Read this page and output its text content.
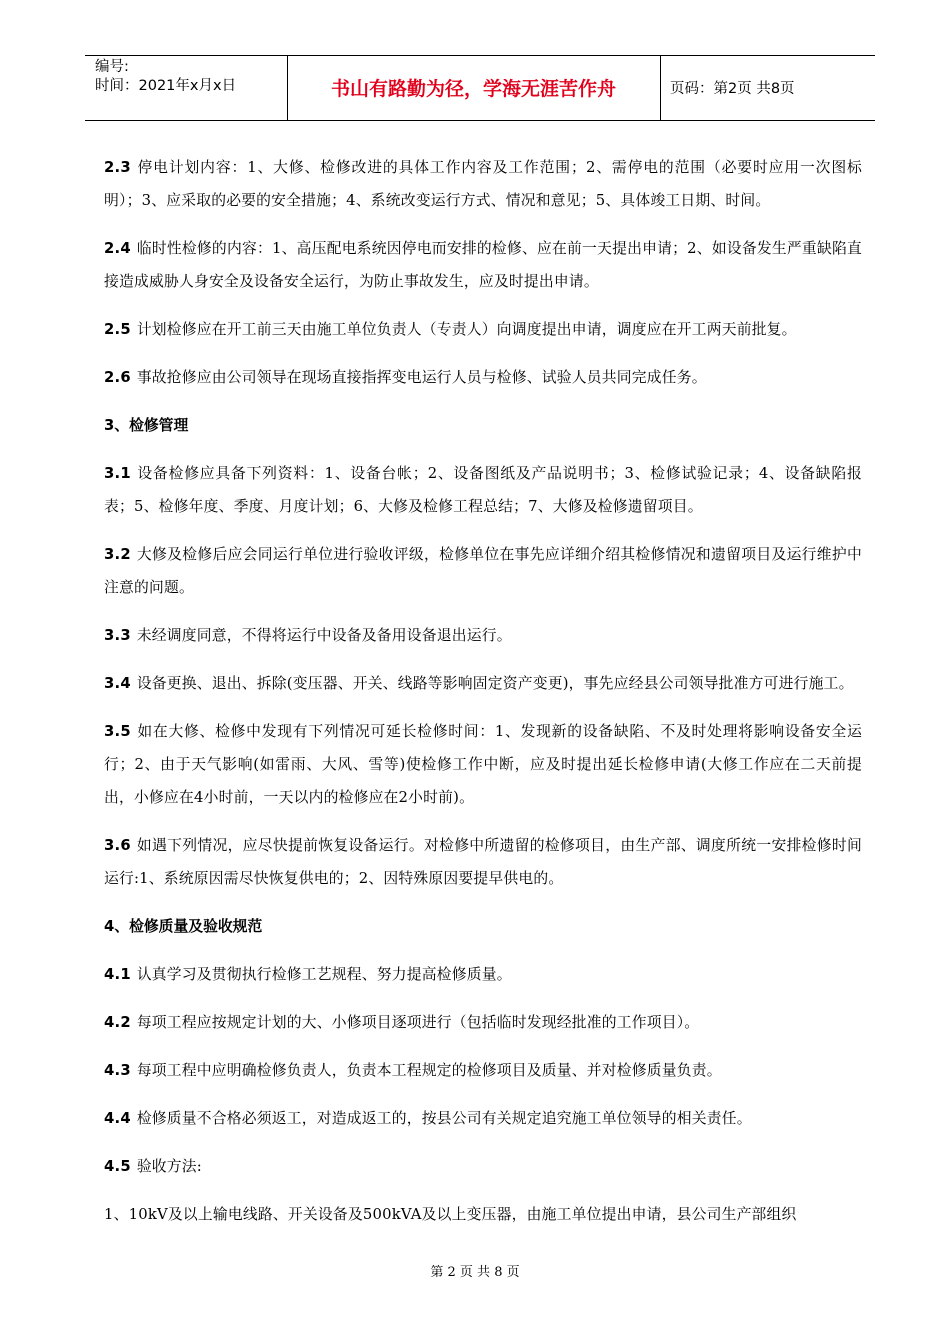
编号:
时间：2021年x月x日	书山有路勤为径，学海无涯苦作舟	页码：第2页 共8页

2.3 停电计划内容：1、大修、检修改进的具体工作内容及工作范围；2、需停电的范围（必要时应用一次图标明）；3、应采取的必要的安全措施；4、系统改变运行方式、情况和意见；5、具体竣工日期、时间。

2.4 临时性检修的内容：1、高压配电系统因停电而安排的检修、应在前一天提出申请；2、如设备发生严重缺陷直接造成威胁人身安全及设备安全运行，为防止事故发生，应及时提出申请。

2.5 计划检修应在开工前三天由施工单位负责人（专责人）向调度提出申请，调度应在开工两天前批复。

2.6 事故抢修应由公司领导在现场直接指挥变电运行人员与检修、试验人员共同完成任务。

3、检修管理

3.1 设备检修应具备下列资料：1、设备台帐；2、设备图纸及产品说明书；3、检修试验记录；4、设备缺陷报表；5、检修年度、季度、月度计划；6、大修及检修工程总结；7、大修及检修遗留项目。

3.2 大修及检修后应会同运行单位进行验收评级，检修单位在事先应详细介绍其检修情况和遗留项目及运行维护中注意的问题。

3.3 未经调度同意，不得将运行中设备及备用设备退出运行。

3.4 设备更换、退出、拆除(变压器、开关、线路等影响固定资产变更)，事先应经县公司领导批准方可进行施工。

3.5 如在大修、检修中发现有下列情况可延长检修时间：1、发现新的设备缺陷、不及时处理将影响设备安全运行；2、由于天气影响(如雷雨、大风、雪等)使检修工作中断，应及时提出延长检修申请(大修工作应在二天前提出，小修应在4小时前，一天以内的检修应在2小时前)。

3.6 如遇下列情况，应尽快提前恢复设备运行。对检修中所遗留的检修项目，由生产部、调度所统一安排检修时间运行:1、系统原因需尽快恢复供电的；2、因特殊原因要提早供电的。

4、检修质量及验收规范

4.1 认真学习及贯彻执行检修工艺规程、努力提高检修质量。

4.2 每项工程应按规定计划的大、小修项目逐项进行（包括临时发现经批准的工作项目）。

4.3 每项工程中应明确检修负责人，负责本工程规定的检修项目及质量、并对检修质量负责。

4.4 检修质量不合格必须返工，对造成返工的，按县公司有关规定追究施工单位领导的相关责任。

4.5 验收方法:

1、10kV及以上输电线路、开关设备及500kVA及以上变压器，由施工单位提出申请，县公司生产部组织

第 2 页 共 8 页
